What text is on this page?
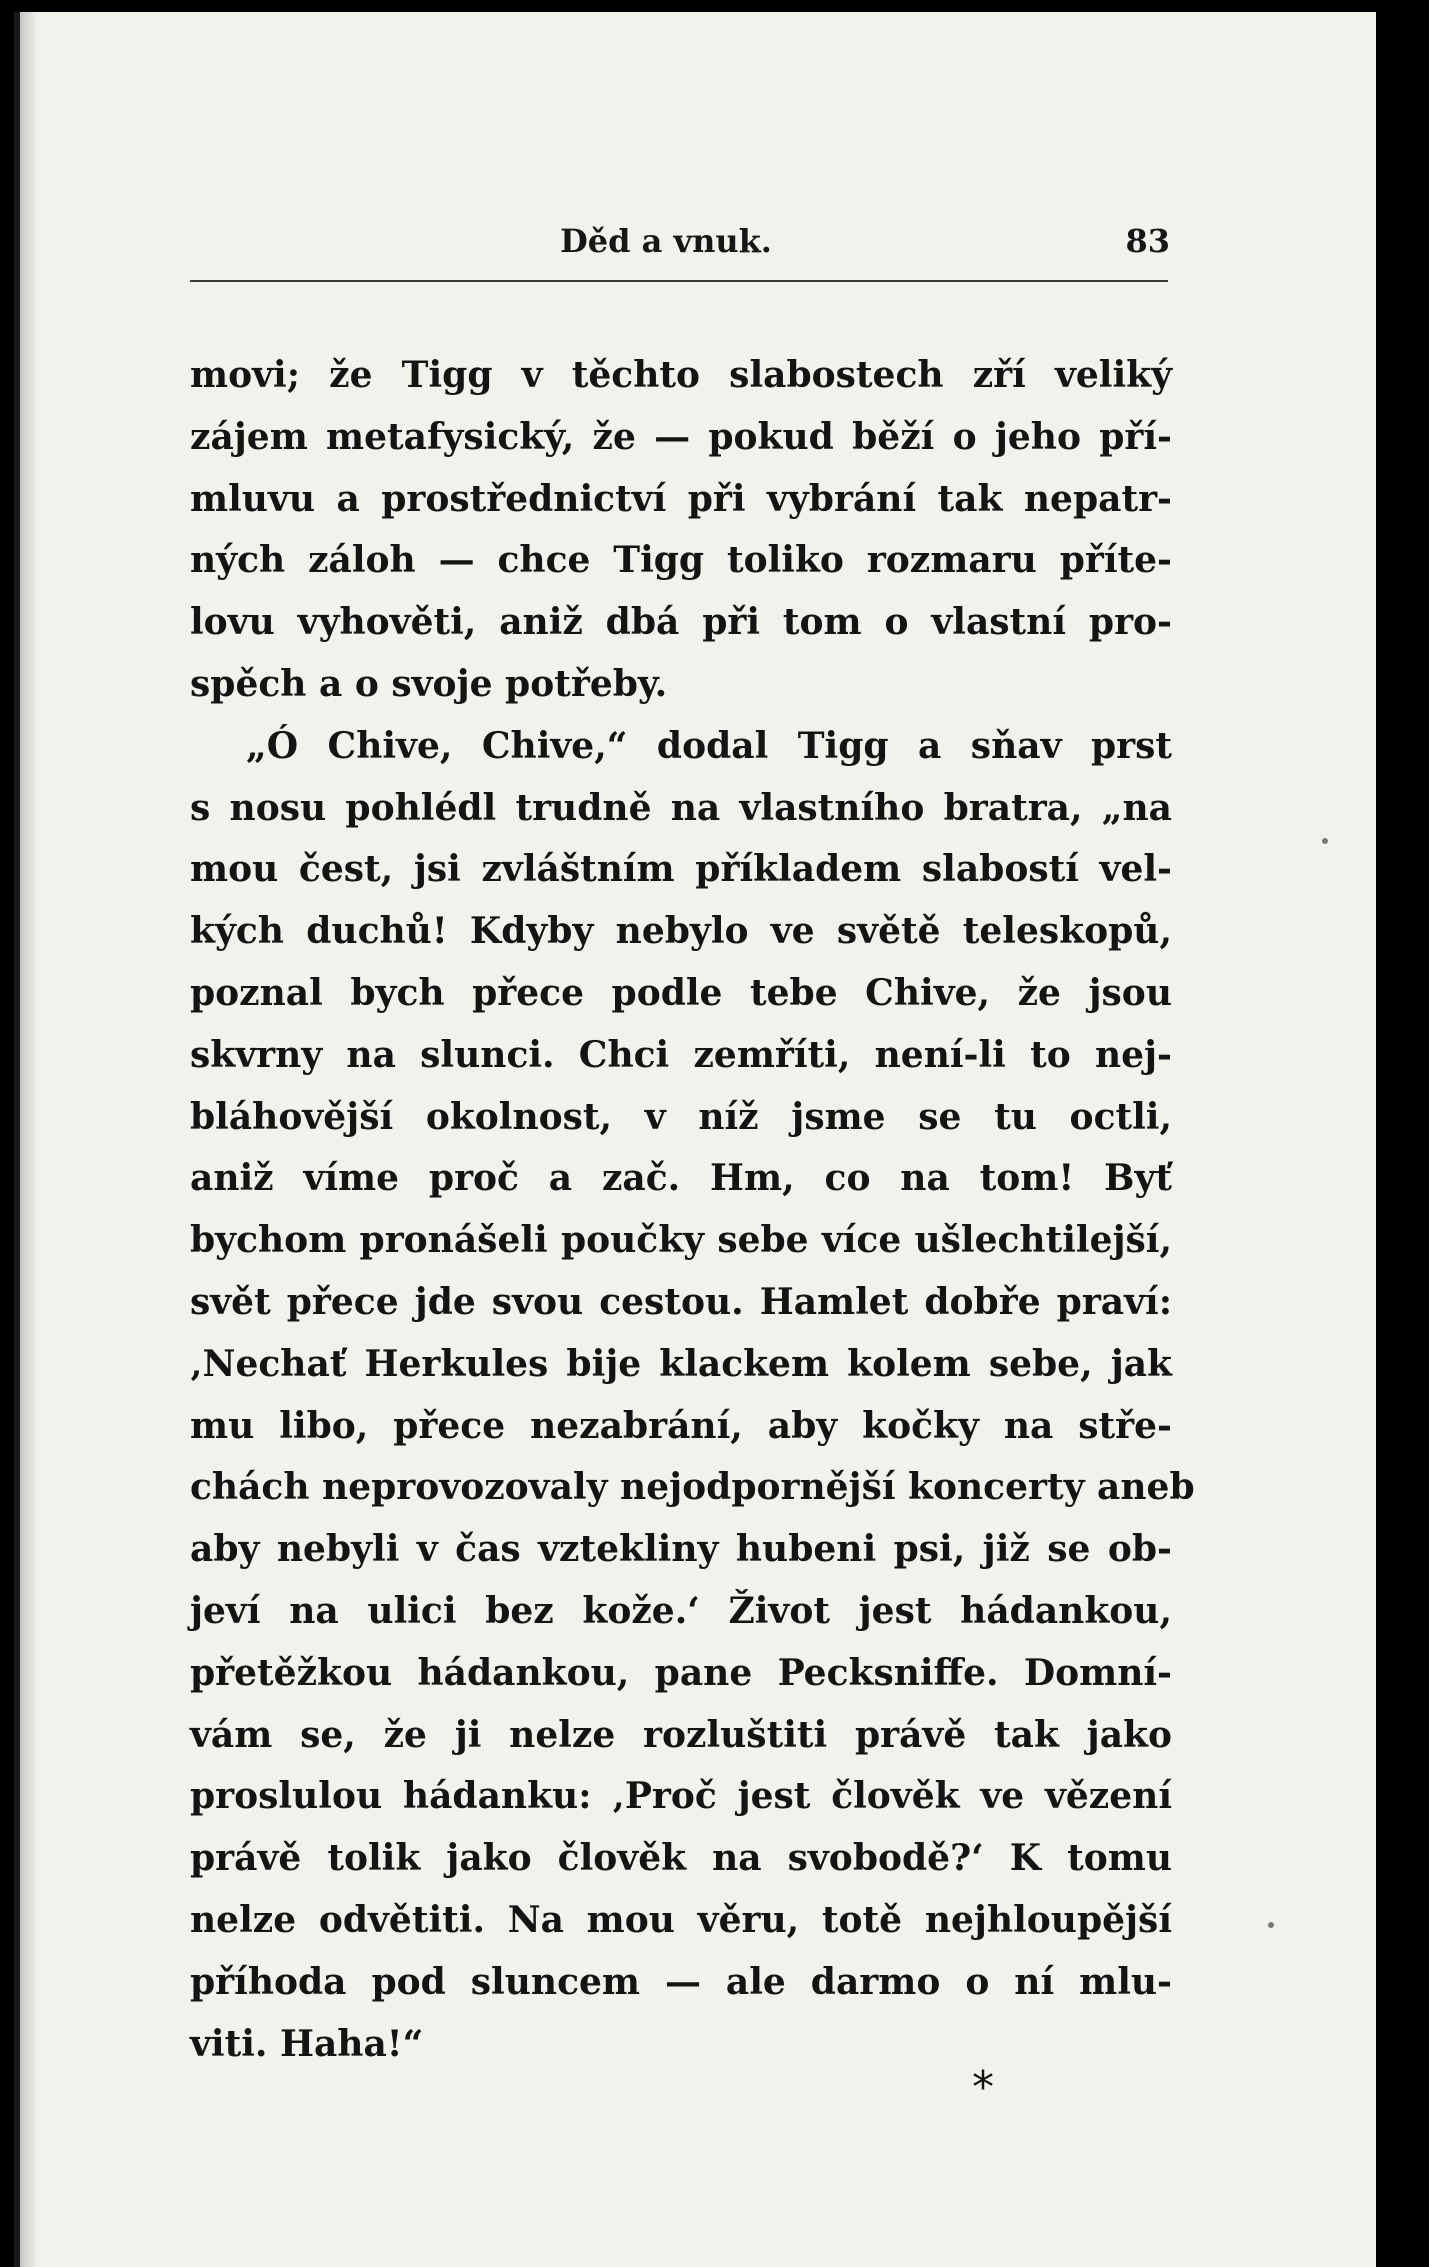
Děd a vnuk.	83
movi; že Tigg v těchto slabostech zří veliký
zájem metafysický, že — pokud běží o jeho pří-
mluvu a prostřednictví při vybrání tak nepatr-
ných záloh — chce Tigg toliko rozmaru příte-
lovu vyhověti, aniž dbá při tom o vlastní pro-
spěch a o svoje potřeby.
„Ó Chive, Chive,“ dodal Tigg a sňav prst
s nosu pohlédl trudně na vlastního bratra, „na
mou čest, jsi zvláštním příkladem slabostí vel-
kých duchů! Kdyby nebylo ve světě teleskopů,
poznal bych přece podle tebe Chive, že jsou
skvrny na slunci. Chci zemříti, není-li to nej-
bláhovější okolnost, v níž jsme se tu octli,
aniž víme proč a zač. Hm, co na tom! Byť
bychom pronášeli poučky sebe více ušlechtilejší,
svět přece jde svou cestou. Hamlet dobře praví:
‚Nechať Herkules bije klackem kolem sebe, jak
mu libo, přece nezabrání, aby kočky na stře-
chách neprovozovaly nejodpornější koncerty aneb
aby nebyli v čas vztekliny hubeni psi, již se ob-
jeví na ulici bez kože.‘ Život jest hádankou,
přetěžkou hádankou, pane Pecksniffe. Domní-
vám se, že ji nelze rozluštiti právě tak jako
proslulou hádanku: ‚Proč jest člověk ve vězení
právě tolik jako člověk na svobodě?‘ K tomu
nelze odvětiti. Na mou věru, totě nejhloupější
příhoda pod sluncem — ale darmo o ní mlu-
viti. Haha!“
*
